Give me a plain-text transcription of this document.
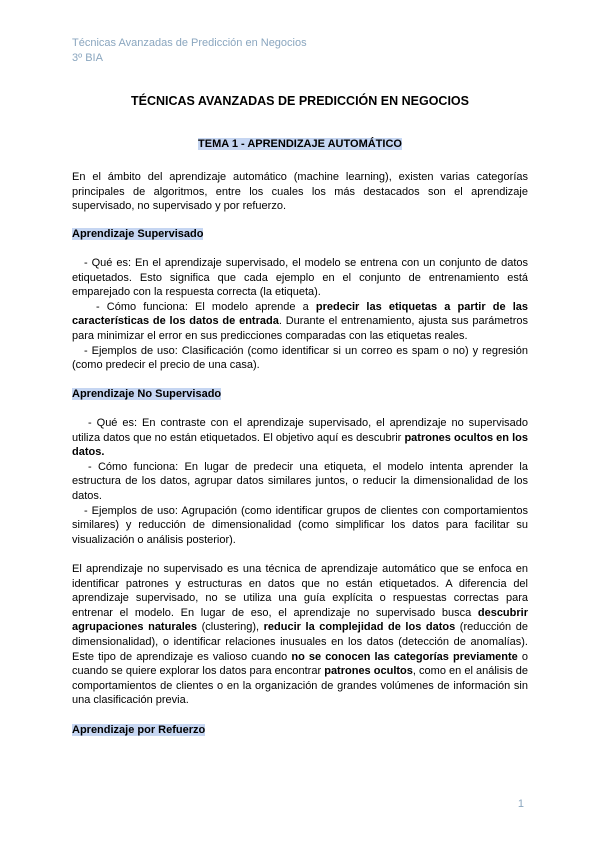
Técnicas Avanzadas de Predicción en Negocios
3º BIA
TÉCNICAS AVANZADAS DE PREDICCIÓN EN NEGOCIOS
TEMA 1 - APRENDIZAJE AUTOMÁTICO

En el ámbito del aprendizaje automático (machine learning), existen varias categorías principales de algoritmos, entre los cuales los más destacados son el aprendizaje supervisado, no supervisado y por refuerzo.

Aprendizaje Supervisado

- Qué es: En el aprendizaje supervisado, el modelo se entrena con un conjunto de datos etiquetados. Esto significa que cada ejemplo en el conjunto de entrenamiento está emparejado con la respuesta correcta (la etiqueta).

- Cómo funciona: El modelo aprende a predecir las etiquetas a partir de las características de los datos de entrada. Durante el entrenamiento, ajusta sus parámetros para minimizar el error en sus predicciones comparadas con las etiquetas reales.

- Ejemplos de uso: Clasificación (como identificar si un correo es spam o no) y regresión (como predecir el precio de una casa).

Aprendizaje No Supervisado

- Qué es: En contraste con el aprendizaje supervisado, el aprendizaje no supervisado utiliza datos que no están etiquetados. El objetivo aquí es descubrir patrones ocultos en los datos.

- Cómo funciona: En lugar de predecir una etiqueta, el modelo intenta aprender la estructura de los datos, agrupar datos similares juntos, o reducir la dimensionalidad de los datos.

- Ejemplos de uso: Agrupación (como identificar grupos de clientes con comportamientos similares) y reducción de dimensionalidad (como simplificar los datos para facilitar su visualización o análisis posterior).

El aprendizaje no supervisado es una técnica de aprendizaje automático que se enfoca en identificar patrones y estructuras en datos que no están etiquetados. A diferencia del aprendizaje supervisado, no se utiliza una guía explícita o respuestas correctas para entrenar el modelo. En lugar de eso, el aprendizaje no supervisado busca descubrir agrupaciones naturales (clustering), reducir la complejidad de los datos (reducción de dimensionalidad), o identificar relaciones inusuales en los datos (detección de anomalías). Este tipo de aprendizaje es valioso cuando no se conocen las categorías previamente o cuando se quiere explorar los datos para encontrar patrones ocultos, como en el análisis de comportamientos de clientes o en la organización de grandes volúmenes de información sin una clasificación previa.

Aprendizaje por Refuerzo
1
